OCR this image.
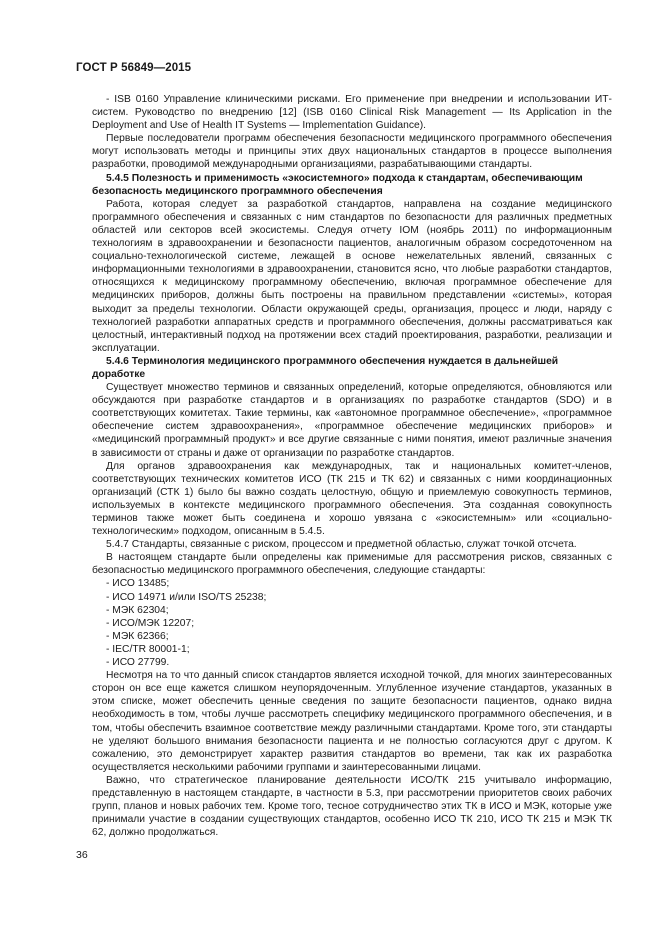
ГОСТ Р 56849—2015

- ISB 0160 Управление клиническими рисками. Его применение при внедрении и использовании ИТ-систем. Руководство по внедрению [12] (ISB 0160 Clinical Risk Management — Its Application in the Deployment and Use of Health IT Systems — Implementation Guidance).

Первые последователи программ обеспечения безопасности медицинского программного обеспечения могут использовать методы и принципы этих двух национальных стандартов в процессе выполнения разработки, проводимой международными организациями, разрабатывающими стандарты.

5.4.5 Полезность и применимость «экосистемного» подхода к стандартам, обеспечивающим безопасность медицинского программного обеспечения

Работа, которая следует за разработкой стандартов, направлена на создание медицинского программного обеспечения и связанных с ним стандартов по безопасности для различных предметных областей или секторов всей экосистемы. Следуя отчету IOM (ноябрь 2011) по информационным технологиям в здравоохранении и безопасности пациентов, аналогичным образом сосредоточенном на социально-технологической системе, лежащей в основе нежелательных явлений, связанных с информационными технологиями в здравоохранении, становится ясно, что любые разработки стандартов, относящихся к медицинскому программному обеспечению, включая программное обеспечение для медицинских приборов, должны быть построены на правильном представлении «системы», которая выходит за пределы технологии. Области окружающей среды, организация, процесс и люди, наряду с технологией разработки аппаратных средств и программного обеспечения, должны рассматриваться как целостный, интерактивный подход на протяжении всех стадий проектирования, разработки, реализации и эксплуатации.

5.4.6 Терминология медицинского программного обеспечения нуждается в дальнейшей доработке

Существует множество терминов и связанных определений, которые определяются, обновляются или обсуждаются при разработке стандартов и в организациях по разработке стандартов (SDO) и в соответствующих комитетах. Такие термины, как «автономное программное обеспечение», «программное обеспечение систем здравоохранения», «программное обеспечение медицинских приборов» и «медицинский программный продукт» и все другие связанные с ними понятия, имеют различные значения в зависимости от страны и даже от организации по разработке стандартов.

Для органов здравоохранения как международных, так и национальных комитет-членов, соответствующих технических комитетов ИСО (ТК 215 и ТК 62) и связанных с ними координационных организаций (СТК 1) было бы важно создать целостную, общую и приемлемую совокупность терминов, используемых в контексте медицинского программного обеспечения. Эта созданная совокупность терминов также может быть соединена и хорошо увязана с «экосистемным» или «социально-технологическим» подходом, описанным в 5.4.5.

5.4.7 Стандарты, связанные с риском, процессом и предметной областью, служат точкой отсчета.

В настоящем стандарте были определены как применимые для рассмотрения рисков, связанных с безопасностью медицинского программного обеспечения, следующие стандарты:

- ИСО 13485;

- ИСО 14971 и/или ISO/TS 25238;

- МЭК 62304;

- ИСО/МЭК 12207;

- МЭК 62366;

- IEC/TR 80001-1;

- ИСО 27799.

Несмотря на то что данный список стандартов является исходной точкой, для многих заинтересованных сторон он все еще кажется слишком неупорядоченным. Углубленное изучение стандартов, указанных в этом списке, может обеспечить ценные сведения по защите безопасности пациентов, однако видна необходимость в том, чтобы лучше рассмотреть специфику медицинского программного обеспечения, и в том, чтобы обеспечить взаимное соответствие между различными стандартами. Кроме того, эти стандарты не уделяют большого внимания безопасности пациента и не полностью согласуются друг с другом. К сожалению, это демонстрирует характер развития стандартов во времени, так как их разработка осуществляется несколькими рабочими группами и заинтересованными лицами.

Важно, что стратегическое планирование деятельности ИСО/ТК 215 учитывало информацию, представленную в настоящем стандарте, в частности в 5.3, при рассмотрении приоритетов своих рабочих групп, планов и новых рабочих тем. Кроме того, тесное сотрудничество этих ТК в ИСО и МЭК, которые уже принимали участие в создании существующих стандартов, особенно ИСО ТК 210, ИСО ТК 215 и МЭК ТК 62, должно продолжаться.

36
